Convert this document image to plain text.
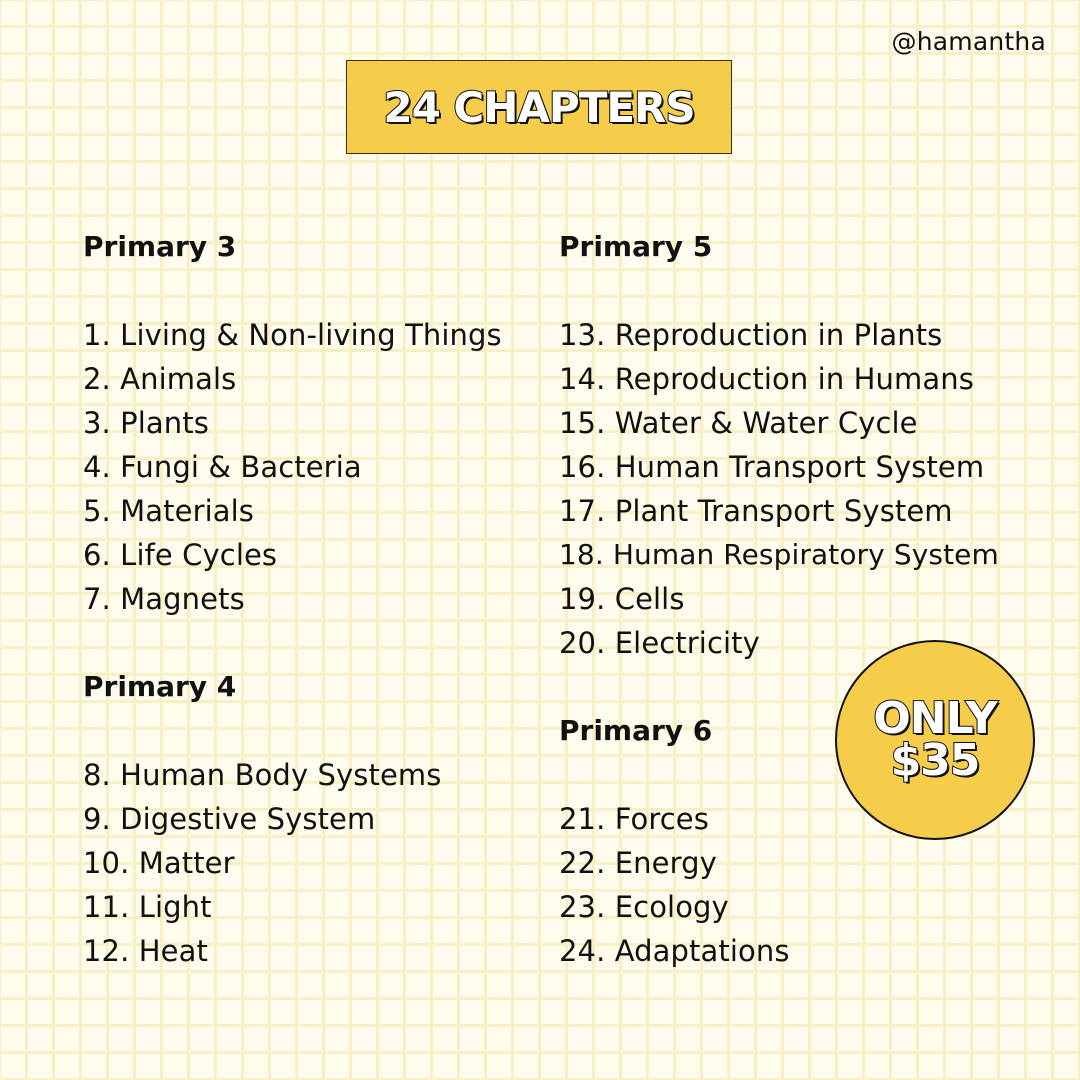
@hamantha
24 CHAPTERS
Primary 3
1. Living & Non-living Things
2. Animals
3. Plants
4. Fungi & Bacteria
5. Materials
6. Life Cycles
7. Magnets
Primary 4
8. Human Body Systems
9. Digestive System
10. Matter
11. Light
12. Heat
Primary 5
13. Reproduction in Plants
14. Reproduction in Humans
15. Water & Water Cycle
16. Human Transport System
17. Plant Transport System
18. Human Respiratory System
19. Cells
20. Electricity
Primary 6
21. Forces
22. Energy
23. Ecology
24. Adaptations
ONLY
$35
